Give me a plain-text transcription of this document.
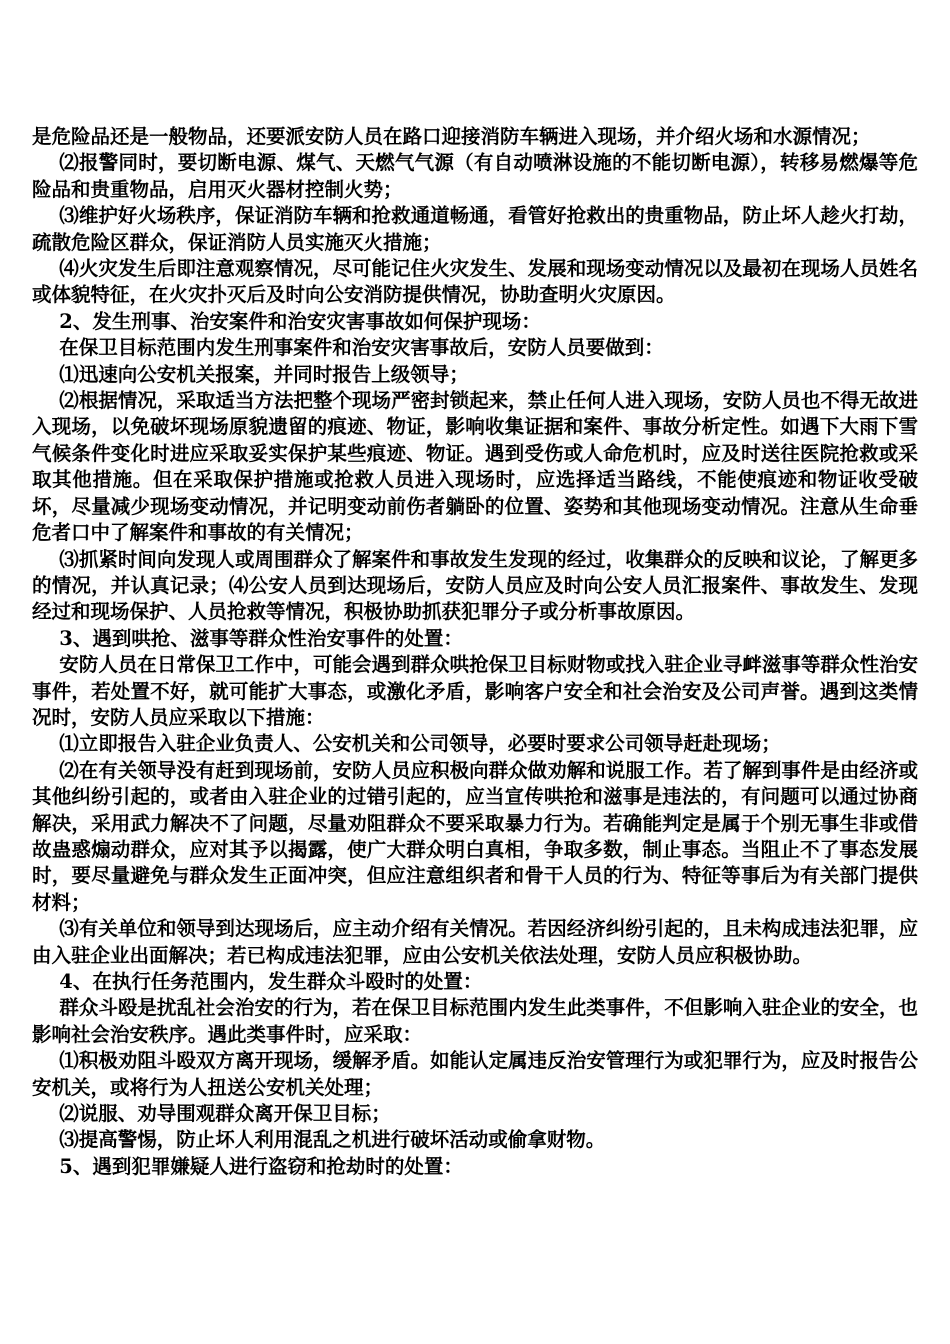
是危险品还是一般物品，还要派安防人员在路口迎接消防车辆进入现场，并介绍火场和水源情况；

⑵报警同时，要切断电源、煤气、天燃气气源（有自动喷淋设施的不能切断电源），转移易燃爆等危险品和贵重物品，启用灭火器材控制火势；

⑶维护好火场秩序，保证消防车辆和抢救通道畅通，看管好抢救出的贵重物品，防止坏人趁火打劫，疏散危险区群众，保证消防人员实施灭火措施；

⑷火灾发生后即注意观察情况，尽可能记住火灾发生、发展和现场变动情况以及最初在现场人员姓名或体貌特征，在火灾扑灭后及时向公安消防提供情况，协助查明火灾原因。

2、发生刑事、治安案件和治安灾害事故如何保护现场：

在保卫目标范围内发生刑事案件和治安灾害事故后，安防人员要做到：

⑴迅速向公安机关报案，并同时报告上级领导；

⑵根据情况，采取适当方法把整个现场严密封锁起来，禁止任何人进入现场，安防人员也不得无故进入现场，以免破坏现场原貌遗留的痕迹、物证，影响收集证据和案件、事故分析定性。如遇下大雨下雪气候条件变化时进应采取妥实保护某些痕迹、物证。遇到受伤或人命危机时，应及时送往医院抢救或采取其他措施。但在采取保护措施或抢救人员进入现场时，应选择适当路线，不能使痕迹和物证收受破坏，尽量减少现场变动情况，并记明变动前伤者躺卧的位置、姿势和其他现场变动情况。注意从生命垂危者口中了解案件和事故的有关情况；

⑶抓紧时间向发现人或周围群众了解案件和事故发生发现的经过，收集群众的反映和议论，了解更多的情况，并认真记录；⑷公安人员到达现场后，安防人员应及时向公安人员汇报案件、事故发生、发现经过和现场保护、人员抢救等情况，积极协助抓获犯罪分子或分析事故原因。

3、遇到哄抢、滋事等群众性治安事件的处置：

安防人员在日常保卫工作中，可能会遇到群众哄抢保卫目标财物或找入驻企业寻衅滋事等群众性治安事件，若处置不好，就可能扩大事态，或激化矛盾，影响客户安全和社会治安及公司声誉。遇到这类情况时，安防人员应采取以下措施：

⑴立即报告入驻企业负责人、公安机关和公司领导，必要时要求公司领导赶赴现场；

⑵在有关领导没有赶到现场前，安防人员应积极向群众做劝解和说服工作。若了解到事件是由经济或其他纠纷引起的，或者由入驻企业的过错引起的，应当宣传哄抢和滋事是违法的，有问题可以通过协商解决，采用武力解决不了问题，尽量劝阻群众不要采取暴力行为。若确能判定是属于个别无事生非或借故蛊惑煽动群众，应对其予以揭露，使广大群众明白真相，争取多数，制止事态。当阻止不了事态发展时，要尽量避免与群众发生正面冲突，但应注意组织者和骨干人员的行为、特征等事后为有关部门提供材料；

⑶有关单位和领导到达现场后，应主动介绍有关情况。若因经济纠纷引起的，且未构成违法犯罪，应由入驻企业出面解决；若已构成违法犯罪，应由公安机关依法处理，安防人员应积极协助。

4、在执行任务范围内，发生群众斗殴时的处置：

群众斗殴是扰乱社会治安的行为，若在保卫目标范围内发生此类事件，不但影响入驻企业的安全，也影响社会治安秩序。遇此类事件时，应采取：

⑴积极劝阻斗殴双方离开现场，缓解矛盾。如能认定属违反治安管理行为或犯罪行为，应及时报告公安机关，或将行为人扭送公安机关处理；

⑵说服、劝导围观群众离开保卫目标；

⑶提高警惕，防止坏人利用混乱之机进行破坏活动或偷拿财物。

5、遇到犯罪嫌疑人进行盗窃和抢劫时的处置：
